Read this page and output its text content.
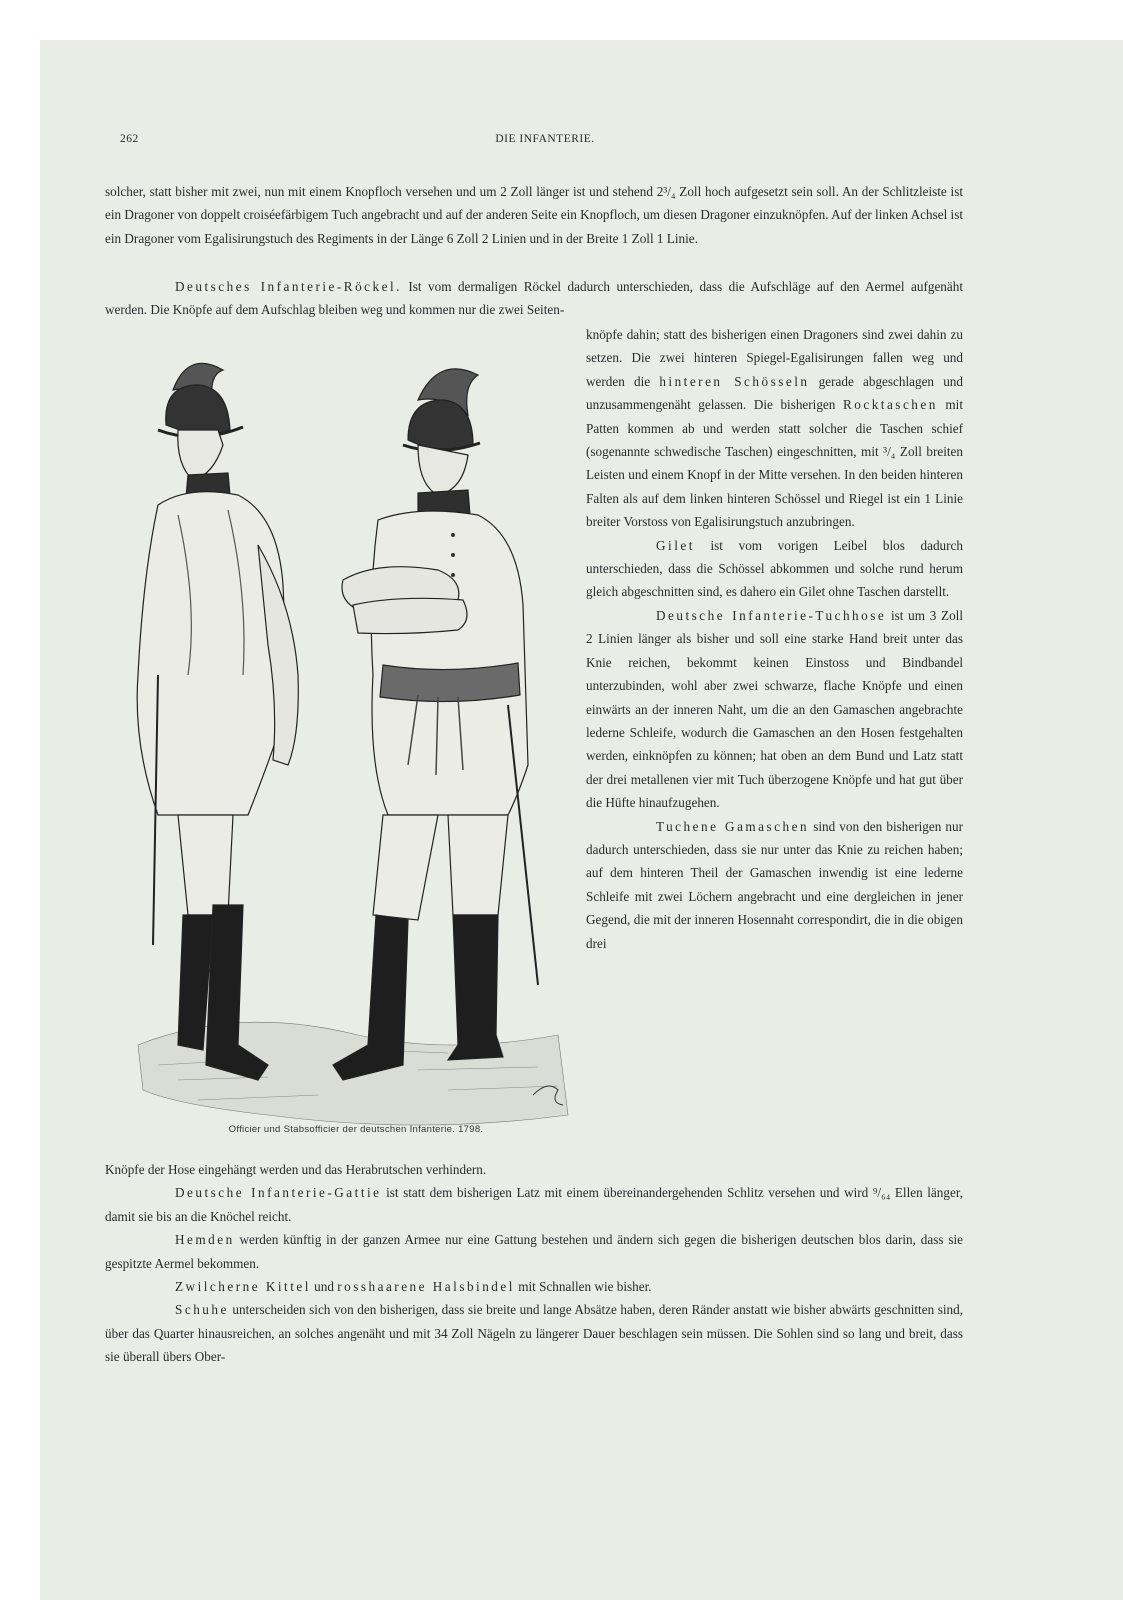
262	DIE INFANTERIE.

solcher, statt bisher mit zwei, nun mit einem Knopfloch versehen und um 2 Zoll länger ist und stehend 2³/₄ Zoll hoch aufgesetzt sein soll. An der Schlitzleiste ist ein Dragoner von doppelt croiséefärbigem Tuch angebracht und auf der anderen Seite ein Knopfloch, um diesen Dragoner einzuknöpfen. Auf der linken Achsel ist ein Dragoner vom Egalisirungstuch des Regiments in der Länge 6 Zoll 2 Linien und in der Breite 1 Zoll 1 Linie.

Deutsches Infanterie-Röckel. Ist vom dermaligen Röckel dadurch unterschieden, dass die Aufschläge auf den Aermel aufgenäht werden. Die Knöpfe auf dem Aufschlag bleiben weg und kommen nur die zwei Seiten-

Officier und Stabsofficier der deutschen Infanterie. 1798.

knöpfe dahin; statt des bisherigen einen Dragoners sind zwei dahin zu setzen. Die zwei hinteren Spiegel-Egalisirungen fallen weg und werden die hinteren Schösseln gerade abgeschlagen und unzusammengenäht gelassen. Die bisherigen Rocktaschen mit Patten kommen ab und werden statt solcher die Taschen schief (sogenannte schwedische Taschen) eingeschnitten, mit ³/₄ Zoll breiten Leisten und einem Knopf in der Mitte versehen. In den beiden hinteren Falten als auf dem linken hinteren Schössel und Riegel ist ein 1 Linie breiter Vorstoss von Egalisirungstuch anzubringen.

Gilet ist vom vorigen Leibel blos dadurch unterschieden, dass die Schössel abkommen und solche rund herum gleich abgeschnitten sind, es dahero ein Gilet ohne Taschen darstellt.

Deutsche Infanterie-Tuchhose ist um 3 Zoll 2 Linien länger als bisher und soll eine starke Hand breit unter das Knie reichen, bekommt keinen Einstoss und Bindbandel unterzubinden, wohl aber zwei schwarze, flache Knöpfe und einen einwärts an der inneren Naht, um die an den Gamaschen angebrachte lederne Schleife, wodurch die Gamaschen an den Hosen festgehalten werden, einknöpfen zu können; hat oben an dem Bund und Latz statt der drei metallenen vier mit Tuch überzogene Knöpfe und hat gut über die Hüfte hinaufzugehen.

Tuchene Gamaschen sind von den bisherigen nur dadurch unterschieden, dass sie nur unter das Knie zu reichen haben; auf dem hinteren Theil der Gamaschen inwendig ist eine lederne Schleife mit zwei Löchern angebracht und eine dergleichen in jener Gegend, die mit der inneren Hosennaht correspondirt, die in die obigen drei

Knöpfe der Hose eingehängt werden und das Herabrutschen verhindern.

Deutsche Infanterie-Gattie ist statt dem bisherigen Latz mit einem übereinandergehenden Schlitz versehen und wird ⁹/₆₄ Ellen länger, damit sie bis an die Knöchel reicht.

Hemden werden künftig in der ganzen Armee nur eine Gattung bestehen und ändern sich gegen die bisherigen deutschen blos darin, dass sie gespitzte Aermel bekommen.

Zwilcherne Kittel und rosshaarene Halsbindel mit Schnallen wie bisher.

Schuhe unterscheiden sich von den bisherigen, dass sie breite und lange Absätze haben, deren Ränder anstatt wie bisher abwärts geschnitten sind, über das Quarter hinausreichen, an solches angenäht und mit 34 Zoll Nägeln zu längerer Dauer beschlagen sein müssen. Die Sohlen sind so lang und breit, dass sie überall übers Ober-
